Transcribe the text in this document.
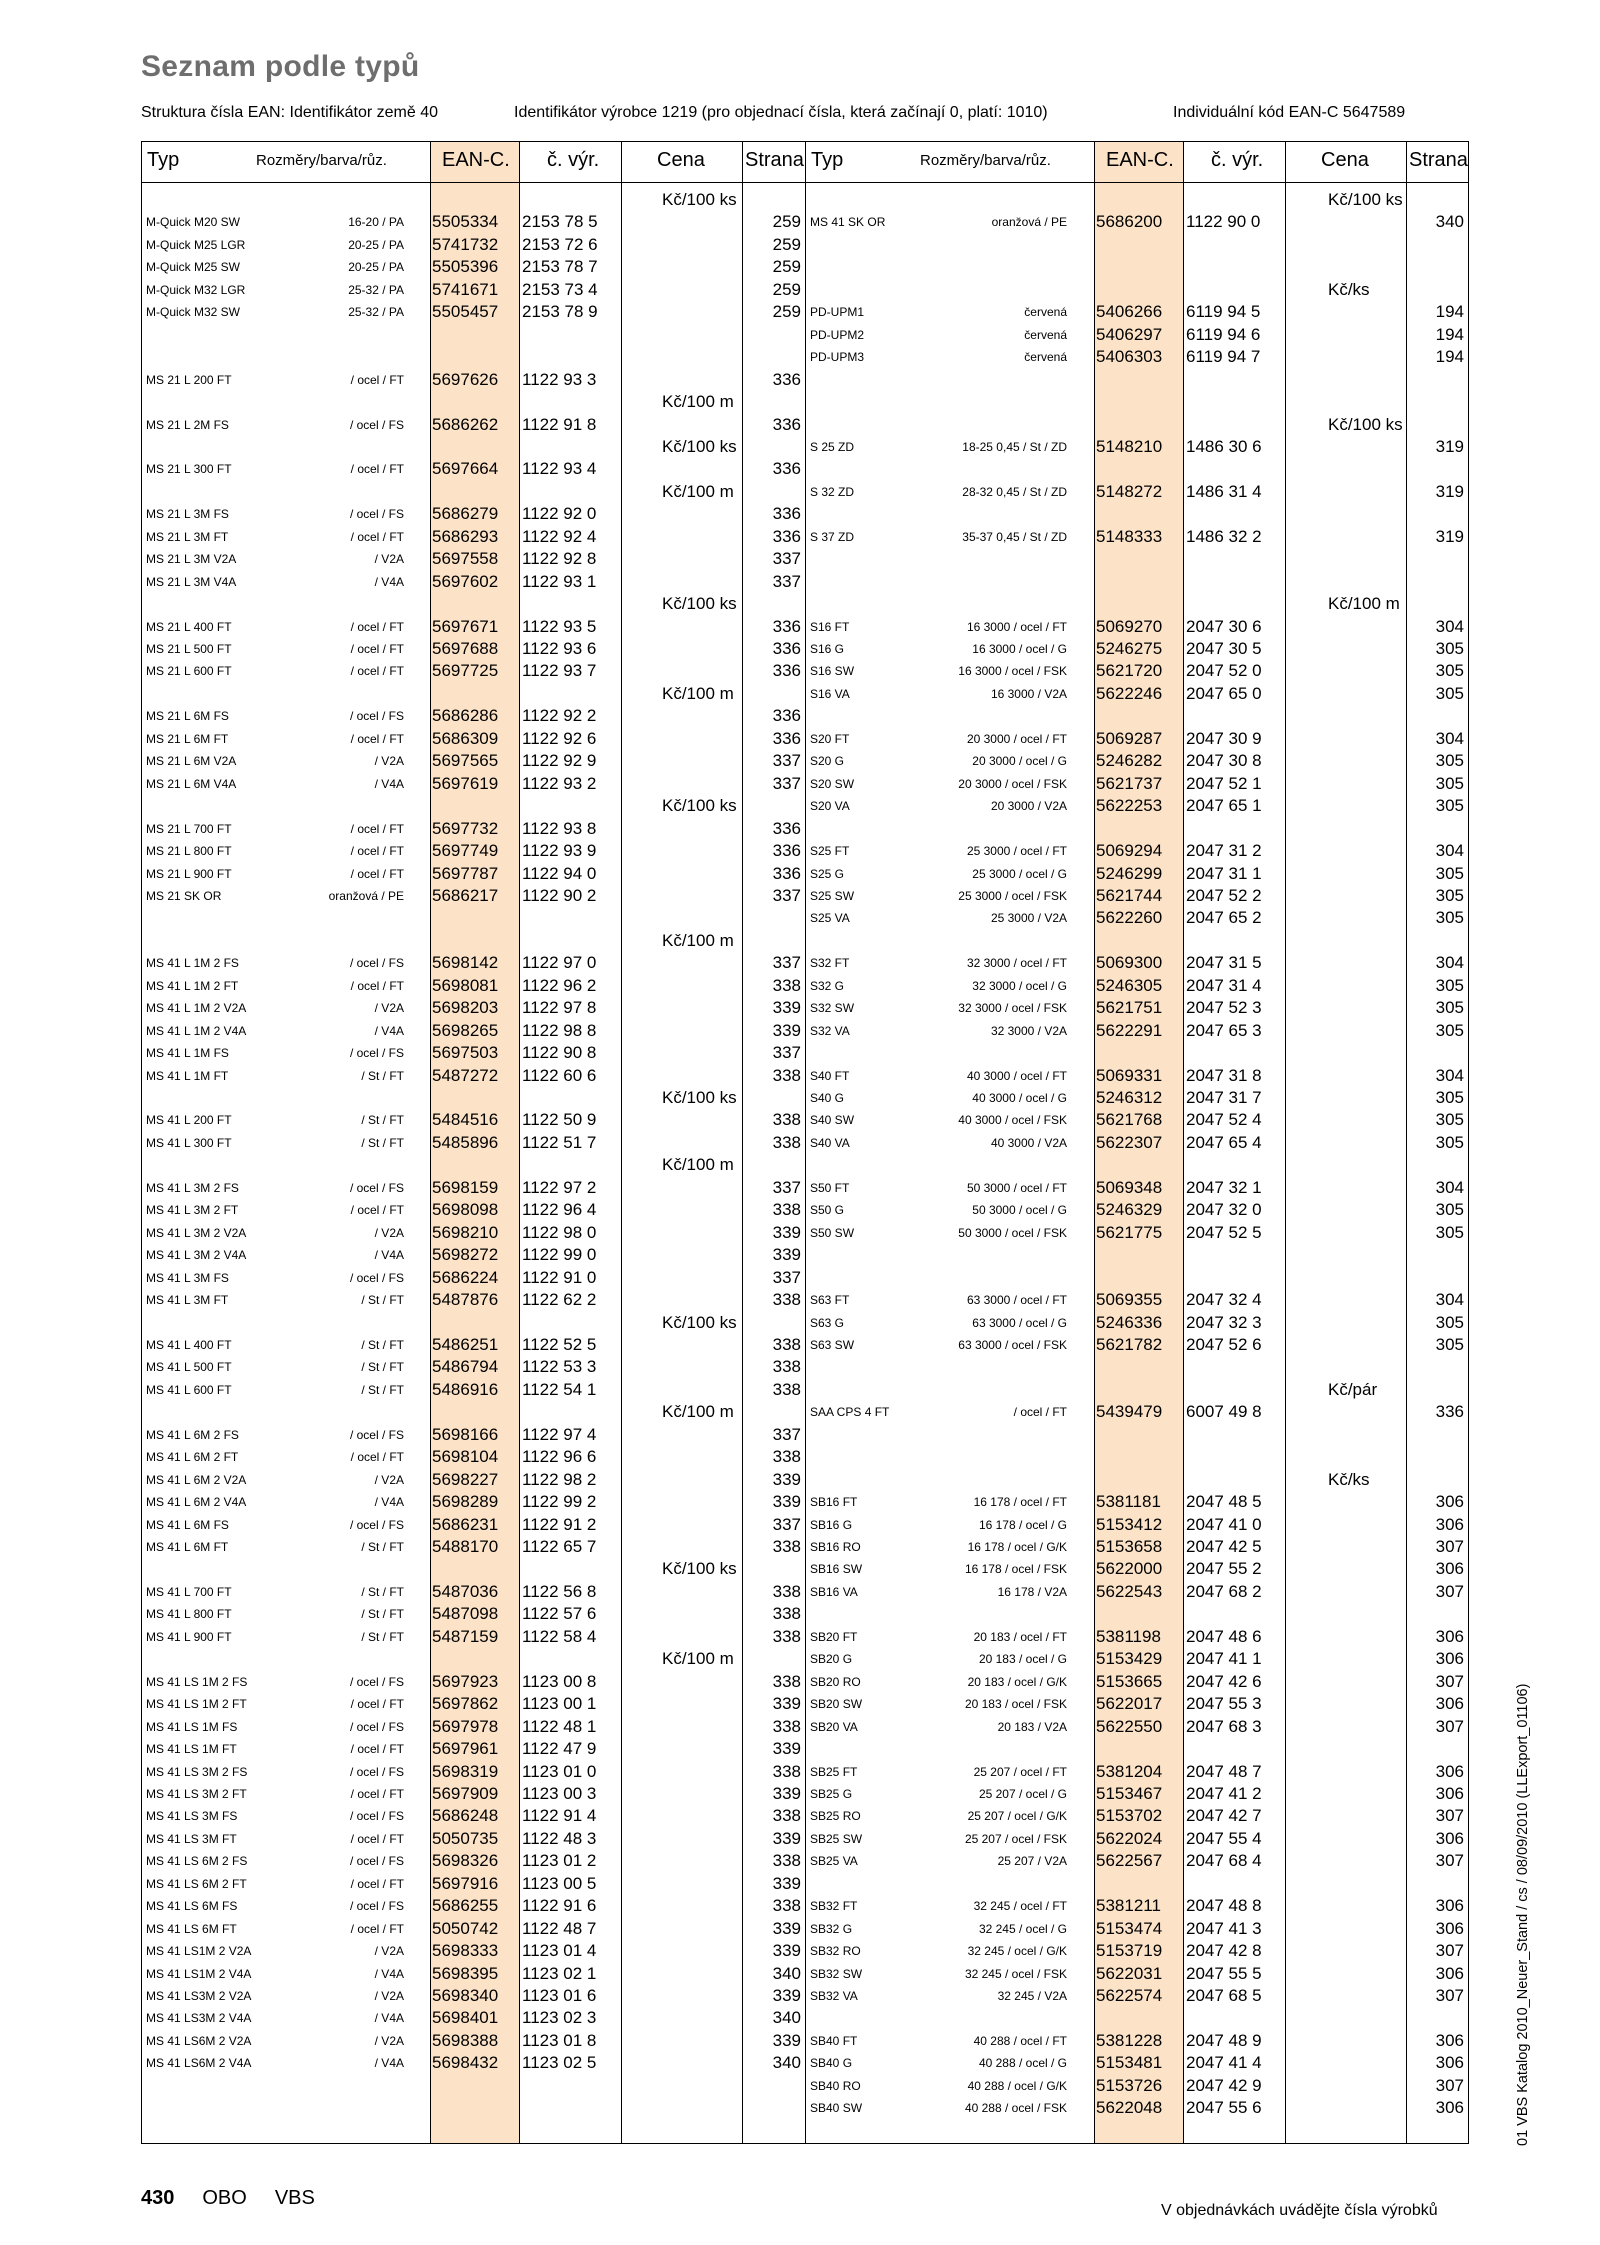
Seznam podle typů
Struktura čísla EAN: Identifikátor země 40	Identifikátor výrobce 1219 (pro objednací čísla, která začínají 0, platí: 1010)	Individuální kód EAN-C 5647589
Typ	Rozměry/barva/růz.	EAN-C. č. výr.	Cena Strana
Kč/100 ks
M-Quick M20 SW	16-20 / PA 5505334 2153 78 5	259
M-Quick M25 LGR	20-25 / PA 5741732 2153 72 6	259
M-Quick M25 SW	20-25 / PA 5505396 2153 78 7	259
M-Quick M32 LGR	25-32 / PA 5741671 2153 73 4	259
M-Quick M32 SW	25-32 / PA 5505457 2153 78 9	259
MS 21 L 200 FT	/ ocel / FT 5697626 1122 93 3	336
Kč/100 m
MS 21 L 2M FS	/ ocel / FS 5686262 1122 91 8	336
Kč/100 ks
MS 21 L 300 FT	/ ocel / FT 5697664 1122 93 4	336
Kč/100 m
MS 21 L 3M FS	/ ocel / FS 5686279 1122 92 0	336
MS 21 L 3M FT	/ ocel / FT 5686293 1122 92 4	336
MS 21 L 3M V2A	/ V2A 5697558 1122 92 8	337
MS 21 L 3M V4A	/ V4A 5697602 1122 93 1	337
Kč/100 ks
MS 21 L 400 FT	/ ocel / FT 5697671 1122 93 5	336
MS 21 L 500 FT	/ ocel / FT 5697688 1122 93 6	336
MS 21 L 600 FT	/ ocel / FT 5697725 1122 93 7	336
Kč/100 m
MS 21 L 6M FS	/ ocel / FS 5686286 1122 92 2	336
MS 21 L 6M FT	/ ocel / FT 5686309 1122 92 6	336
MS 21 L 6M V2A	/ V2A 5697565 1122 92 9	337
MS 21 L 6M V4A	/ V4A 5697619 1122 93 2	337
Kč/100 ks
MS 21 L 700 FT	/ ocel / FT 5697732 1122 93 8	336
MS 21 L 800 FT	/ ocel / FT 5697749 1122 93 9	336
MS 21 L 900 FT	/ ocel / FT 5697787 1122 94 0	336
MS 21 SK OR	oranžová / PE 5686217 1122 90 2	337
Kč/100 m
MS 41 L 1M 2 FS	/ ocel / FS 5698142 1122 97 0	337
MS 41 L 1M 2 FT	/ ocel / FT 5698081 1122 96 2	338
MS 41 L 1M 2 V2A	/ V2A 5698203 1122 97 8	339
MS 41 L 1M 2 V4A	/ V4A 5698265 1122 98 8	339
MS 41 L 1M FS	/ ocel / FS 5697503 1122 90 8	337
MS 41 L 1M FT	/ St / FT 5487272 1122 60 6	338
Kč/100 ks
MS 41 L 200 FT	/ St / FT 5484516 1122 50 9	338
MS 41 L 300 FT	/ St / FT 5485896 1122 51 7	338
Kč/100 m
MS 41 L 3M 2 FS	/ ocel / FS 5698159 1122 97 2	337
MS 41 L 3M 2 FT	/ ocel / FT 5698098 1122 96 4	338
MS 41 L 3M 2 V2A	/ V2A 5698210 1122 98 0	339
MS 41 L 3M 2 V4A	/ V4A 5698272 1122 99 0	339
MS 41 L 3M FS	/ ocel / FS 5686224 1122 91 0	337
MS 41 L 3M FT	/ St / FT 5487876 1122 62 2	338
Kč/100 ks
MS 41 L 400 FT	/ St / FT 5486251 1122 52 5	338
MS 41 L 500 FT	/ St / FT 5486794 1122 53 3	338
MS 41 L 600 FT	/ St / FT 5486916 1122 54 1	338
Kč/100 m
MS 41 L 6M 2 FS	/ ocel / FS 5698166 1122 97 4	337
MS 41 L 6M 2 FT	/ ocel / FT 5698104 1122 96 6	338
MS 41 L 6M 2 V2A	/ V2A 5698227 1122 98 2	339
MS 41 L 6M 2 V4A	/ V4A 5698289 1122 99 2	339
MS 41 L 6M FS	/ ocel / FS 5686231 1122 91 2	337
MS 41 L 6M FT	/ St / FT 5488170 1122 65 7	338
Kč/100 ks
MS 41 L 700 FT	/ St / FT 5487036 1122 56 8	338
MS 41 L 800 FT	/ St / FT 5487098 1122 57 6	338
MS 41 L 900 FT	/ St / FT 5487159 1122 58 4	338
Kč/100 m
MS 41 LS 1M 2 FS	/ ocel / FS 5697923 1123 00 8	338
MS 41 LS 1M 2 FT	/ ocel / FT 5697862 1123 00 1	339
MS 41 LS 1M FS	/ ocel / FS 5697978 1122 48 1	338
MS 41 LS 1M FT	/ ocel / FT 5697961 1122 47 9	339
MS 41 LS 3M 2 FS	/ ocel / FS 5698319 1123 01 0	338
MS 41 LS 3M 2 FT	/ ocel / FT 5697909 1123 00 3	339
MS 41 LS 3M FS	/ ocel / FS 5686248 1122 91 4	338
MS 41 LS 3M FT	/ ocel / FT 5050735 1122 48 3	339
MS 41 LS 6M 2 FS	/ ocel / FS 5698326 1123 01 2	338
MS 41 LS 6M 2 FT	/ ocel / FT 5697916 1123 00 5	339
MS 41 LS 6M FS	/ ocel / FS 5686255 1122 91 6	338
MS 41 LS 6M FT	/ ocel / FT 5050742 1122 48 7	339
MS 41 LS1M 2 V2A	/ V2A 5698333 1123 01 4	339
MS 41 LS1M 2 V4A	/ V4A 5698395 1123 02 1	340
MS 41 LS3M 2 V2A	/ V2A 5698340 1123 01 6	339
MS 41 LS3M 2 V4A	/ V4A 5698401 1123 02 3	340
MS 41 LS6M 2 V2A	/ V2A 5698388 1123 01 8	339
MS 41 LS6M 2 V4A	/ V4A 5698432 1123 02 5	340
Typ	Rozměry/barva/růz.	EAN-C. č. výr.	Cena Strana
Kč/100 ks
MS 41 SK OR	oranžová / PE 5686200 1122 90 0	340
Kč/ks
PD-UPM1	červená 5406266 6119 94 5	194
PD-UPM2	červená 5406297 6119 94 6	194
PD-UPM3	červená 5406303 6119 94 7	194
Kč/100 ks
S 25 ZD	18-25 0,45 / St / ZD 5148210 1486 30 6	319
S 32 ZD	28-32 0,45 / St / ZD 5148272 1486 31 4	319
S 37 ZD	35-37 0,45 / St / ZD 5148333 1486 32 2	319
Kč/100 m
S16 FT	16 3000 / ocel / FT 5069270 2047 30 6	304
S16 G	16 3000 / ocel / G 5246275 2047 30 5	305
S16 SW	16 3000 / ocel / FSK 5621720 2047 52 0	305
S16 VA	16 3000 / V2A 5622246 2047 65 0	305
S20 FT	20 3000 / ocel / FT 5069287 2047 30 9	304
S20 G	20 3000 / ocel / G 5246282 2047 30 8	305
S20 SW	20 3000 / ocel / FSK 5621737 2047 52 1	305
S20 VA	20 3000 / V2A 5622253 2047 65 1	305
S25 FT	25 3000 / ocel / FT 5069294 2047 31 2	304
S25 G	25 3000 / ocel / G 5246299 2047 31 1	305
S25 SW	25 3000 / ocel / FSK 5621744 2047 52 2	305
S25 VA	25 3000 / V2A 5622260 2047 65 2	305
S32 FT	32 3000 / ocel / FT 5069300 2047 31 5	304
S32 G	32 3000 / ocel / G 5246305 2047 31 4	305
S32 SW	32 3000 / ocel / FSK 5621751 2047 52 3	305
S32 VA	32 3000 / V2A 5622291 2047 65 3	305
S40 FT	40 3000 / ocel / FT 5069331 2047 31 8	304
S40 G	40 3000 / ocel / G 5246312 2047 31 7	305
S40 SW	40 3000 / ocel / FSK 5621768 2047 52 4	305
S40 VA	40 3000 / V2A 5622307 2047 65 4	305
S50 FT	50 3000 / ocel / FT 5069348 2047 32 1	304
S50 G	50 3000 / ocel / G 5246329 2047 32 0	305
S50 SW	50 3000 / ocel / FSK 5621775 2047 52 5	305
S63 FT	63 3000 / ocel / FT 5069355 2047 32 4	304
S63 G	63 3000 / ocel / G 5246336 2047 32 3	305
S63 SW	63 3000 / ocel / FSK 5621782 2047 52 6	305
Kč/pár
SAA CPS 4 FT	/ ocel / FT 5439479 6007 49 8	336
Kč/ks
SB16 FT	16 178 / ocel / FT 5381181 2047 48 5	306
SB16 G	16 178 / ocel / G 5153412 2047 41 0	306
SB16 RO	16 178 / ocel / G/K 5153658 2047 42 5	307
SB16 SW	16 178 / ocel / FSK 5622000 2047 55 2	306
SB16 VA	16 178 / V2A 5622543 2047 68 2	307
SB20 FT	20 183 / ocel / FT 5381198 2047 48 6	306
SB20 G	20 183 / ocel / G 5153429 2047 41 1	306
SB20 RO	20 183 / ocel / G/K 5153665 2047 42 6	307
SB20 SW	20 183 / ocel / FSK 5622017 2047 55 3	306
SB20 VA	20 183 / V2A 5622550 2047 68 3	307
SB25 FT	25 207 / ocel / FT 5381204 2047 48 7	306
SB25 G	25 207 / ocel / G 5153467 2047 41 2	306
SB25 RO	25 207 / ocel / G/K 5153702 2047 42 7	307
SB25 SW	25 207 / ocel / FSK 5622024 2047 55 4	306
SB25 VA	25 207 / V2A 5622567 2047 68 4	307
SB32 FT	32 245 / ocel / FT 5381211 2047 48 8	306
SB32 G	32 245 / ocel / G 5153474 2047 41 3	306
SB32 RO	32 245 / ocel / G/K 5153719 2047 42 8	307
SB32 SW	32 245 / ocel / FSK 5622031 2047 55 5	306
SB32 VA	32 245 / V2A 5622574 2047 68 5	307
SB40 FT	40 288 / ocel / FT 5381228 2047 48 9	306
SB40 G	40 288 / ocel / G 5153481 2047 41 4	306
SB40 RO	40 288 / ocel / G/K 5153726 2047 42 9	307
SB40 SW	40 288 / ocel / FSK 5622048 2047 55 6	306
430 OBO VBS
V objednávkách uvádějte čísla výrobků
01 VBS Katalog 2010_Neuer_Stand / cs / 08/09/2010 (LLExport_01106)
